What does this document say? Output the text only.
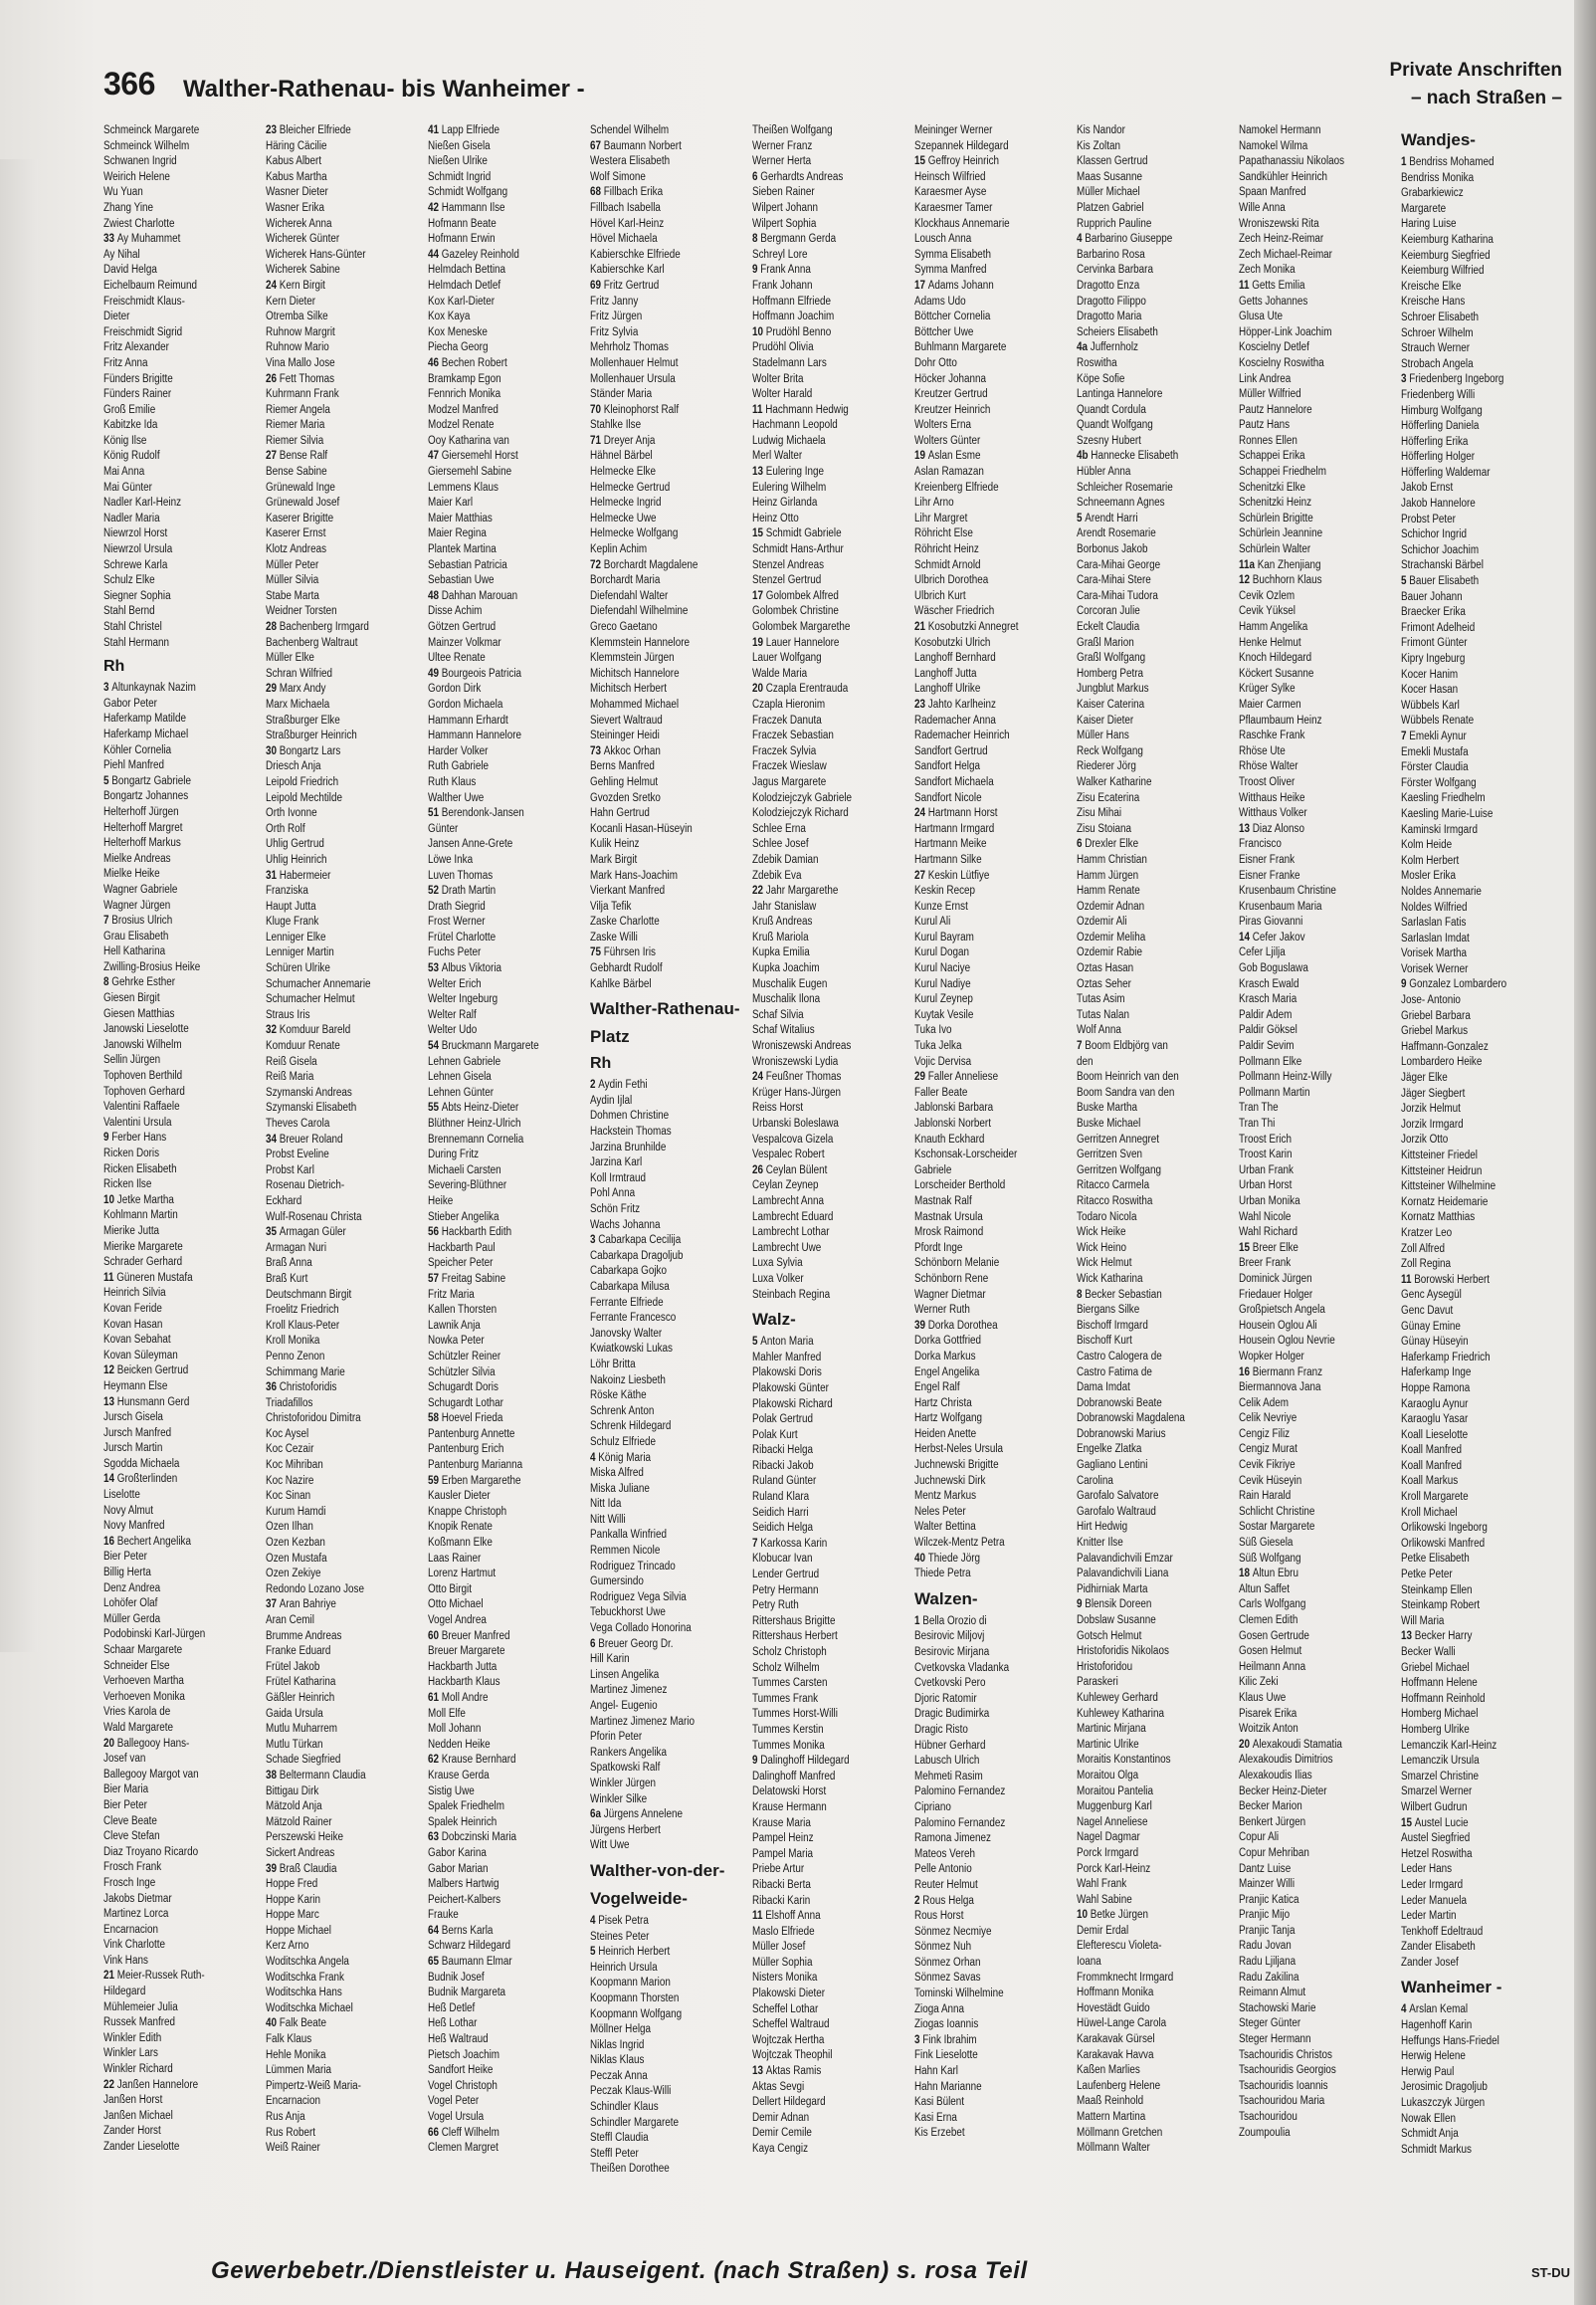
366 Walther-Rathenau- bis Wanheimer -
Private Anschriften
– nach Straßen –
Schmeinck Margarete
Schmeinck Wilhelm
Schwanen Ingrid
Weirich Helene
Wu Yuan
Zhang Yine
Zwiest Charlotte
33 Ay Muhammet
Ay Nihal
David Helga
Eichelbaum Reimund
Freischmidt Klaus-
Dieter
Freischmidt Sigrid
Fritz Alexander
Fritz Anna
Fünders Brigitte
Fünders Rainer
Groß Emilie
Kabitzke Ida
König Ilse
König Rudolf
Mai Anna
Mai Günter
Nadler Karl-Heinz
Nadler Maria
Niewrzol Horst
Niewrzol Ursula
Schrewe Karla
Schulz Elke
Siegner Sophia
Stahl Bernd
Stahl Christel
Stahl Hermann
Rh
3 Altunkaynak Nazim
Gabor Peter
Haferkamp Matilde
Haferkamp Michael
Köhler Cornelia
Piehl Manfred
5 Bongartz Gabriele
Bongartz Johannes
Helterhoff Jürgen
Helterhoff Margret
Helterhoff Markus
Mielke Andreas
Mielke Heike
Wagner Gabriele
Wagner Jürgen
7 Brosius Ulrich
Grau Elisabeth
Hell Katharina
Zwilling-Brosius Heike
8 Gehrke Esther
Giesen Birgit
Giesen Matthias
Janowski Lieselotte
Janowski Wilhelm
Sellin Jürgen
Tophoven Berthild
Tophoven Gerhard
Valentini Raffaele
Valentini Ursula
9 Ferber Hans
Ricken Doris
Ricken Elisabeth
Ricken Ilse
10 Jetke Martha
Kohlmann Martin
Mierike Jutta
Mierike Margarete
Schrader Gerhard
11 Güneren Mustafa
Heinrich Silvia
Kovan Feride
Kovan Hasan
Kovan Sebahat
Kovan Süleyman
12 Beicken Gertrud
Heymann Else
13 Hunsmann Gerd
Jursch Gisela
Jursch Manfred
Jursch Martin
Sgodda Michaela
14 Großterlinden
Liselotte
Novy Almut
Novy Manfred
16 Bechert Angelika
Bier Peter
Billig Herta
Denz Andrea
Lohöfer Olaf
Müller Gerda
Podobinski Karl-Jürgen
Schaar Margarete
Schneider Else
Verhoeven Martha
Verhoeven Monika
Vries Karola de
Wald Margarete
20 Ballegooy Hans-
Josef van
Ballegooy Margot van
Bier Maria
Bier Peter
Cleve Beate
Cleve Stefan
Diaz Troyano Ricardo
Frosch Frank
Frosch Inge
Jakobs Dietmar
Martinez Lorca
Encarnacion
Vink Charlotte
Vink Hans
21 Meier-Russek Ruth-
Hildegard
Mühlemeier Julia
Russek Manfred
Winkler Edith
Winkler Lars
Winkler Richard
22 Janßen Hannelore
Janßen Horst
Janßen Michael
Zander Horst
Zander Lieselotte
23 Bleicher Elfriede
Häring Cäcilie
Kabus Albert
Kabus Martha
Wasner Dieter
Wasner Erika
Wicherek Anna
Wicherek Günter
Wicherek Hans-Günter
Wicherek Sabine
24 Kern Birgit
Kern Dieter
Otremba Silke
Ruhnow Margrit
Ruhnow Mario
Vina Mallo Jose
26 Fett Thomas
Kuhrmann Frank
Riemer Angela
Riemer Maria
Riemer Silvia
27 Bense Ralf
Bense Sabine
Grünewald Inge
Grünewald Josef
Kaserer Brigitte
Kaserer Ernst
Klotz Andreas
Müller Peter
Müller Silvia
Stabe Marta
Weidner Torsten
28 Bachenberg Irmgard
Bachenberg Waltraut
Müller Elke
Schran Wilfried
29 Marx Andy
Marx Michaela
Straßburger Elke
Straßburger Heinrich
30 Bongartz Lars
Driesch Anja
Leipold Friedrich
Leipold Mechtilde
Orth Ivonne
Orth Rolf
Uhlig Gertrud
Uhlig Heinrich
31 Habermeier
Franziska
Haupt Jutta
Kluge Frank
Lenniger Elke
Lenniger Martin
Schüren Ulrike
Schumacher Annemarie
Schumacher Helmut
Straus Iris
32 Komduur Bareld
Komduur Renate
Reiß Gisela
Reiß Maria
Szymanski Andreas
Szymanski Elisabeth
Theves Carola
34 Breuer Roland
Probst Eveline
Probst Karl
Rosenau Dietrich-
Eckhard
Wulf-Rosenau Christa
35 Armagan Güler
Armagan Nuri
Braß Anna
Braß Kurt
Deutschmann Birgit
Froelitz Friedrich
Kroll Klaus-Peter
Kroll Monika
Penno Zenon
Schimmang Marie
36 Christoforidis
Triadafillos
Christoforidou Dimitra
Koc Aysel
Koc Cezair
Koc Mihriban
Koc Nazire
Koc Sinan
Kurum Hamdi
Özen Ilhan
Özen Kezban
Özen Mustafa
Özen Zekiye
Redondo Lozano Jose
37 Aran Bahriye
Aran Cemil
Brumme Andreas
Franke Eduard
Frütel Jakob
Frütel Katharina
Gäßler Heinrich
Gaida Ursula
Mutlu Muharrem
Mutlu Türkan
Schade Siegfried
38 Beltermann Claudia
Bittigau Dirk
Mätzold Anja
Mätzold Rainer
Perszewski Heike
Sickert Andreas
39 Braß Claudia
Hoppe Fred
Hoppe Karin
Hoppe Marc
Hoppe Michael
Kerz Arno
Woditschka Angela
Woditschka Frank
Woditschka Hans
Woditschka Michael
40 Falk Beate
Falk Klaus
Hehle Monika
Lümmen Maria
Pimpertz-Weiß Maria-
Encarnacion
Rus Anja
Rus Robert
Weiß Rainer
41 Lapp Elfriede
Nießen Gisela
Nießen Ulrike
Schmidt Ingrid
Schmidt Wolfgang
42 Hammann Ilse
Hofmann Beate
Hofmann Erwin
44 Gazeley Reinhold
Helmdach Bettina
Helmdach Detlef
Kox Karl-Dieter
Kox Kaya
Kox Meneske
Piecha Georg
46 Bechen Robert
Bramkamp Egon
Fennrich Monika
Modzel Manfred
Modzel Renate
Ooy Katharina van
47 Giersemehl Horst
Giersemehl Sabine
Lemmens Klaus
Maier Karl
Maier Matthias
Maier Regina
Plantek Martina
Sebastian Patricia
Sebastian Uwe
48 Dahhan Marouan
Disse Achim
Götzen Gertrud
Mainzer Volkmar
Ultee Renate
49 Bourgeois Patricia
Gordon Dirk
Gordon Michaela
Hammann Erhardt
Hammann Hannelore
Harder Volker
Ruth Gabriele
Ruth Klaus
Walther Uwe
51 Berendonk-Jansen
Günter
Jansen Anne-Grete
Löwe Inka
Luven Thomas
52 Drath Martin
Drath Siegrid
Frost Werner
Frütel Charlotte
Fuchs Peter
53 Albus Viktoria
Welter Erich
Welter Ingeburg
Welter Ralf
Welter Udo
54 Bruckmann Margarete
Lehnen Gabriele
Lehnen Gisela
Lehnen Günter
55 Abts Heinz-Dieter
Blüthner Heinz-Ulrich
Brennemann Cornelia
During Fritz
Michaeli Carsten
Severing-Blüthner
Heike
Stieber Angelika
56 Hackbarth Edith
Hackbarth Paul
Speicher Peter
57 Freitag Sabine
Fritz Maria
Kallen Thorsten
Lawnik Anja
Nowka Peter
Schützler Reiner
Schützler Silvia
Schugardt Doris
Schugardt Lothar
58 Hoevel Frieda
Pantenburg Annette
Pantenburg Erich
Pantenburg Marianna
59 Erben Margarethe
Kausler Dieter
Knappe Christoph
Knopik Renate
Koßmann Elke
Laas Rainer
Lorenz Hartmut
Otto Birgit
Otto Michael
Vogel Andrea
60 Breuer Manfred
Breuer Margarete
Hackbarth Jutta
Hackbarth Klaus
61 Moll Andre
Moll Elfe
Moll Johann
Nedden Heike
62 Krause Bernhard
Krause Gerda
Sistig Uwe
Spalek Friedhelm
Spalek Heinrich
63 Dobczinski Maria
Gabor Karina
Gabor Marian
Malbers Hartwig
Peichert-Kalbers
Frauke
64 Berns Karla
Schwarz Hildegard
65 Baumann Elmar
Budnik Josef
Budnik Margareta
Heß Detlef
Heß Lothar
Heß Waltraud
Pietsch Joachim
Sandfort Heike
Vogel Christoph
Vogel Peter
Vogel Ursula
66 Cleff Wilhelm
Clemen Margret
Schendel Wilhelm
67 Baumann Norbert
Westera Elisabeth
Wolf Simone
68 Fillbach Erika
Fillbach Isabella
Hövel Karl-Heinz
Hövel Michaela
Kabierschke Elfriede
Kabierschke Karl
69 Fritz Gertrud
Fritz Janny
Fritz Jürgen
Fritz Sylvia
Mehrholz Thomas
Mollenhauer Helmut
Mollenhauer Ursula
Ständer Maria
70 Kleinophorst Ralf
Stahlke Ilse
71 Dreyer Anja
Hähnel Bärbel
Helmecke Elke
Helmecke Gertrud
Helmecke Ingrid
Helmecke Uwe
Helmecke Wolfgang
Keplin Achim
72 Borchardt Magdalene
Borchardt Maria
Diefendahl Walter
Diefendahl Wilhelmine
Greco Gaetano
Klemmstein Hannelore
Klemmstein Jürgen
Michitsch Hannelore
Michitsch Herbert
Mohammed Michael
Sievert Waltraud
Steininger Heidi
73 Akkoc Orhan
Berns Manfred
Gehling Helmut
Gvozden Sretko
Hahn Gertrud
Kocanli Hasan-Hüseyin
Kulik Heinz
Mark Birgit
Mark Hans-Joachim
Vierkant Manfred
Vilja Tefik
Zaske Charlotte
Zaske Willi
75 Führsen Iris
Gebhardt Rudolf
Kahlke Bärbel
Walther-Rathenau-
Platz
Rh
2 Aydin Fethi
Aydin Ijlal
Dohmen Christine
Hackstein Thomas
Jarzina Brunhilde
Jarzina Karl
Koll Irmtraud
Pohl Anna
Schön Fritz
Wachs Johanna
3 Cabarkapa Cecilija
Cabarkapa Dragoljub
Cabarkapa Gojko
Cabarkapa Milusa
Ferrante Elfriede
Ferrante Francesco
Janovsky Walter
Kwiatkowski Lukas
Löhr Britta
Nakoinz Liesbeth
Röske Käthe
Schrenk Anton
Schrenk Hildegard
Schulz Elfriede
4 König Maria
Miska Alfred
Miska Juliane
Nitt Ida
Nitt Willi
Pankalla Winfried
Remmen Nicole
Rodriguez Trincado
Gumersindo
Rodriguez Vega Silvia
Tebuckhorst Uwe
Vega Collado Honorina
6 Breuer Georg Dr.
Hill Karin
Linsen Angelika
Martinez Jimenez
Angel- Eugenio
Martinez Jimenez Mario
Pforin Peter
Rankers Angelika
Spatkowski Ralf
Winkler Jürgen
Winkler Silke
6a Jürgens Annelene
Jürgens Herbert
Witt Uwe
Walther-von-der-
Vogelweide-
4 Pisek Petra
Steines Peter
5 Heinrich Herbert
Heinrich Ursula
Koopmann Marion
Koopmann Thorsten
Koopmann Wolfgang
Möllner Helga
Niklas Ingrid
Niklas Klaus
Peczak Anna
Peczak Klaus-Willi
Schindler Klaus
Schindler Margarete
Steffl Claudia
Steffl Peter
Theißen Dorothee
Theißen Wolfgang
Werner Franz
Werner Herta
6 Gerhardts Andreas
Sieben Rainer
Wilpert Johann
Wilpert Sophia
8 Bergmann Gerda
Schreyl Lore
9 Frank Anna
Frank Johann
Hoffmann Elfriede
Hoffmann Joachim
10 Prudöhl Benno
Prudöhl Olivia
Stadelmann Lars
Wolter Brita
Wolter Harald
11 Hachmann Hedwig
Hachmann Leopold
Ludwig Michaela
Merl Walter
13 Eulering Inge
Eulering Wilhelm
Heinz Girlanda
Heinz Otto
15 Schmidt Gabriele
Schmidt Hans-Arthur
Stenzel Andreas
Stenzel Gertrud
17 Golombek Alfred
Golombek Christine
Golombek Margarethe
19 Lauer Hannelore
Lauer Wolfgang
Walde Maria
20 Czapla Erentrauda
Czapla Hieronim
Fraczek Danuta
Fraczek Sebastian
Fraczek Sylvia
Fraczek Wieslaw
Jagus Margarete
Kolodziejczyk Gabriele
Kolodziejczyk Richard
Schlee Erna
Schlee Josef
Zdebik Damian
Zdebik Eva
22 Jahr Margarethe
Jahr Stanislaw
Kruß Andreas
Kruß Mariola
Kupka Emilia
Kupka Joachim
Muschalik Eugen
Muschalik Ilona
Schaf Silvia
Schaf Witalius
Wroniszewski Andreas
Wroniszewski Lydia
24 Feußner Thomas
Krüger Hans-Jürgen
Reiss Horst
Urbanski Boleslawa
Vespalcova Gizela
Vespalec Robert
26 Ceylan Bülent
Ceylan Zeynep
Lambrecht Anna
Lambrecht Eduard
Lambrecht Lothar
Lambrecht Uwe
Luxa Sylvia
Luxa Volker
Steinbach Regina
Walz-
5 Anton Maria
Mahler Manfred
Plakowski Doris
Plakowski Günter
Plakowski Richard
Polak Gertrud
Polak Kurt
Ribacki Helga
Ribacki Jakob
Ruland Günter
Ruland Klara
Seidich Harri
Seidich Helga
7 Karkossa Karin
Klobucar Ivan
Lender Gertrud
Petry Hermann
Petry Ruth
Rittershaus Brigitte
Rittershaus Herbert
Scholz Christoph
Scholz Wilhelm
Tummes Carsten
Tummes Frank
Tummes Horst-Willi
Tummes Kerstin
Tummes Monika
9 Dalinghoff Hildegard
Dalinghoff Manfred
Delatowski Horst
Krause Hermann
Krause Maria
Pampel Heinz
Pampel Maria
Priebe Artur
Ribacki Berta
Ribacki Karin
11 Elshoff Anna
Maslo Elfriede
Müller Josef
Müller Sophia
Nisters Monika
Plakowski Dieter
Scheffel Lothar
Scheffel Waltraud
Wojtczak Hertha
Wojtczak Theophil
13 Aktas Ramis
Aktas Sevgi
Dellert Hildegard
Demir Adnan
Demir Cemile
Kaya Cengiz
Meininger Werner
Szepannek Hildegard
15 Geffroy Heinrich
Heinsch Wilfried
Karaesmer Ayse
Karaesmer Tamer
Klockhaus Annemarie
Lousch Anna
Symma Elisabeth
Symma Manfred
17 Adams Johann
Adams Udo
Böttcher Cornelia
Böttcher Uwe
Buhlmann Margarete
Dohr Otto
Höcker Johanna
Kreutzer Gertrud
Kreutzer Heinrich
Wolters Erna
Wolters Günter
19 Aslan Esme
Aslan Ramazan
Kreienberg Elfriede
Lihr Arno
Lihr Margret
Röhricht Else
Röhricht Heinz
Schmidt Arnold
Ulbrich Dorothea
Ulbrich Kurt
Wäscher Friedrich
21 Kosobutzki Annegret
Kosobutzki Ulrich
Langhoff Bernhard
Langhoff Jutta
Langhoff Ulrike
23 Jahto Karlheinz
Rademacher Anna
Rademacher Heinrich
Sandfort Gertrud
Sandfort Helga
Sandfort Michaela
Sandfort Nicole
24 Hartmann Horst
Hartmann Irmgard
Hartmann Meike
Hartmann Silke
27 Keskin Lütfiye
Keskin Recep
Kunze Ernst
Kurul Ali
Kurul Bayram
Kurul Dogan
Kurul Naciye
Kurul Nadiye
Kurul Zeynep
Kuytak Vesile
Tuka Ivo
Tuka Jelka
Vojic Dervisa
29 Faller Anneliese
Faller Beate
Jablonski Barbara
Jablonski Norbert
Knauth Eckhard
Kschonsak-Lorscheider
Gabriele
Lorscheider Berthold
Mastnak Ralf
Mastnak Ursula
Mrosk Raimond
Pfordt Inge
Schönborn Melanie
Schönborn Rene
Wagner Dietmar
Werner Ruth
39 Dorka Dorothea
Dorka Gottfried
Dorka Markus
Engel Angelika
Engel Ralf
Hartz Christa
Hartz Wolfgang
Heiden Anette
Herbst-Neles Ursula
Juchnewski Brigitte
Juchnewski Dirk
Mentz Markus
Neles Peter
Walter Bettina
Wilczek-Mentz Petra
40 Thiede Jörg
Thiede Petra
Walzen-
1 Bella Orozio di
Besirovic Miljovj
Besirovic Mirjana
Cvetkovska Vladanka
Cvetkovski Pero
Djoric Ratomir
Dragic Budimirka
Dragic Risto
Hübner Gerhard
Labusch Ulrich
Mehmeti Rasim
Palomino Fernandez
Cipriano
Palomino Fernandez
Ramona Jimenez
Mateos Vereh
Pelle Antonio
Reuter Helmut
2 Rous Helga
Rous Horst
Sönmez Necmiye
Sönmez Nuh
Sönmez Orhan
Sönmez Savas
Tominski Wilhelmine
Zioga Anna
Ziogas Ioannis
3 Fink Ibrahim
Fink Lieselotte
Hahn Karl
Hahn Marianne
Kasi Bülent
Kasi Erna
Kis Erzebet
Kis Nandor
Kis Zoltan
Klassen Gertrud
Maas Susanne
Müller Michael
Platzen Gabriel
Rupprich Pauline
4 Barbarino Giuseppe
Barbarino Rosa
Cervinka Barbara
Dragotto Enza
Dragotto Filippo
Dragotto Maria
Scheiers Elisabeth
4a Juffernholz
Roswitha
Köpe Sofie
Lantinga Hannelore
Quandt Cordula
Quandt Wolfgang
Szesny Hubert
4b Hannecke Elisabeth
Hübler Anna
Schleicher Rosemarie
Schneemann Agnes
5 Arendt Harri
Arendt Rosemarie
Borbonus Jakob
Cara-Mihai George
Cara-Mihai Stere
Cara-Mihai Tudora
Corcoran Julie
Eckelt Claudia
Graßl Marion
Graßl Wolfgang
Homberg Petra
Jungblut Markus
Kaiser Caterina
Kaiser Dieter
Müller Hans
Reck Wolfgang
Riederer Jörg
Walker Katharine
Zisu Ecaterina
Zisu Mihai
Zisu Stoiana
6 Drexler Elke
Hamm Christian
Hamm Jürgen
Hamm Renate
Özdemir Adnan
Özdemir Ali
Özdemir Meliha
Özdemir Rabie
Öztas Hasan
Öztas Seher
Tutas Asim
Tutas Nalan
Wolf Anna
7 Boom Eldbjörg van
den
Boom Heinrich van den
Boom Sandra van den
Buske Martha
Buske Michael
Gerritzen Annegret
Gerritzen Sven
Gerritzen Wolfgang
Ritacco Carmela
Ritacco Roswitha
Todaro Nicola
Wick Heike
Wick Heino
Wick Helmut
Wick Katharina
8 Becker Sebastian
Biergans Silke
Bischoff Irmgard
Bischoff Kurt
Castro Calogera de
Castro Fatima de
Dama Imdat
Dobranowski Beate
Dobranowski Magdalena
Dobranowski Marius
Engelke Zlatka
Gagliano Lentini
Carolina
Garofalo Salvatore
Garofalo Waltraud
Hirt Hedwig
Knitter Ilse
Palavandichvili Emzar
Palavandichvili Liana
Pidhirniak Marta
9 Blensik Doreen
Dobslaw Susanne
Gotsch Helmut
Hristoforidis Nikolaos
Hristoforidou
Paraskeri
Kuhlewey Gerhard
Kuhlewey Katharina
Martinic Mirjana
Martinic Ulrike
Moraitis Konstantinos
Moraitou Olga
Moraitou Pantelia
Muggenburg Karl
Nagel Anneliese
Nagel Dagmar
Porck Irmgard
Porck Karl-Heinz
Wahl Frank
Wahl Sabine
10 Betke Jürgen
Demir Erdal
Elefterescu Violeta-
Ioana
Frommknecht Irmgard
Hoffmann Monika
Hovestädt Guido
Hüwel-Lange Carola
Karakavak Gürsel
Karakavak Havva
Kaßen Marlies
Laufenberg Helene
Maaß Reinhold
Mattern Martina
Möllmann Gretchen
Möllmann Walter
Namokel Hermann
Namokel Wilma
Papathanassiu Nikolaos
Sandkühler Heinrich
Spaan Manfred
Wille Anna
Wroniszewski Rita
Zech Heinz-Reimar
Zech Michael-Reimar
Zech Monika
11 Getts Emilia
Getts Johannes
Glusa Ute
Höpper-Link Joachim
Koscielny Detlef
Koscielny Roswitha
Link Andrea
Müller Wilfried
Pautz Hannelore
Pautz Hans
Ronnes Ellen
Schappei Erika
Schappei Friedhelm
Schenitzki Elke
Schenitzki Heinz
Schürlein Brigitte
Schürlein Jeannine
Schürlein Walter
11a Kan Zhenjiang
12 Buchhorn Klaus
Cevik Özlem
Cevik Yüksel
Hamm Angelika
Henke Helmut
Knoch Hildegard
Köckert Susanne
Krüger Sylke
Maier Carmen
Pflaumbaum Heinz
Raschke Frank
Rhöse Ute
Rhöse Walter
Troost Oliver
Witthaus Heike
Witthaus Volker
13 Diaz Alonso
Francisco
Eisner Frank
Eisner Franke
Krusenbaum Christine
Krusenbaum Maria
Piras Giovanni
14 Cefer Jakov
Cefer Ljilja
Gob Boguslawa
Krasch Ewald
Krasch Maria
Paldir Adem
Paldir Göksel
Paldir Sevim
Pollmann Elke
Pollmann Heinz-Willy
Pollmann Martin
Tran The
Tran Thi
Troost Erich
Troost Karin
Urban Frank
Urban Horst
Urban Monika
Wahl Nicole
Wahl Richard
15 Breer Elke
Breer Frank
Dominick Jürgen
Friedauer Holger
Großpietsch Angela
Housein Oglou Ali
Housein Oglou Nevrie
Wopker Holger
16 Biermann Franz
Biermannova Jana
Celik Adem
Celik Nevriye
Cengiz Filiz
Cengiz Murat
Cevik Fikriye
Cevik Hüseyin
Rain Harald
Schlicht Christine
Sostar Margarete
Süß Giesela
Süß Wolfgang
18 Altun Ebru
Altun Saffet
Carls Wolfgang
Clemen Edith
Gosen Gertrude
Gosen Helmut
Heilmann Anna
Kilic Zeki
Klaus Uwe
Pisarek Erika
Woitzik Anton
20 Alexakoudi Stamatia
Alexakoudis Dimitrios
Alexakoudis Ilias
Becker Heinz-Dieter
Becker Marion
Benkert Jürgen
Copur Ali
Copur Mehriban
Dantz Luise
Mainzer Willi
Pranjic Katica
Pranjic Mijo
Pranjic Tanja
Radu Jovan
Radu Ljiljana
Radu Zakilina
Reimann Almut
Stachowski Marie
Steger Günter
Steger Hermann
Tsachouridis Christos
Tsachouridis Georgios
Tsachouridis Ioannis
Tsachouridou Maria
Tsachouridou
Zoumpoulia
Wandjes-
1 Bendriss Mohamed
Bendriss Monika
Grabarkiewicz
Margarete
Haring Luise
Keiemburg Katharina
Keiemburg Siegfried
Keiemburg Wilfried
Kreische Elke
Kreische Hans
Schroer Elisabeth
Schroer Wilhelm
Strauch Werner
Strobach Angela
3 Friedenberg Ingeborg
Friedenberg Willi
Himburg Wolfgang
Höfferling Daniela
Höfferling Erika
Höfferling Holger
Höfferling Waldemar
Jakob Ernst
Jakob Hannelore
Probst Peter
Schichor Ingrid
Schichor Joachim
Strachanski Bärbel
5 Bauer Elisabeth
Bauer Johann
Braecker Erika
Frimont Adelheid
Frimont Günter
Kipry Ingeburg
Kocer Hanim
Kocer Hasan
Wübbels Karl
Wübbels Renate
7 Emekli Aynur
Emekli Mustafa
Förster Claudia
Förster Wolfgang
Kaesling Friedhelm
Kaesling Marie-Luise
Kaminski Irmgard
Kolm Heide
Kolm Herbert
Mosler Erika
Noldes Annemarie
Noldes Wilfried
Sarlaslan Fatis
Sarlaslan Imdat
Vorisek Martha
Vorisek Werner
9 Gonzalez Lombardero
Jose- Antonio
Griebel Barbara
Griebel Markus
Haffmann-Gonzalez
Lombardero Heike
Jäger Elke
Jäger Siegbert
Jorzik Helmut
Jorzik Irmgard
Jorzik Otto
Kittsteiner Friedel
Kittsteiner Heidrun
Kittsteiner Wilhelmine
Kornatz Heidemarie
Kornatz Matthias
Kratzer Leo
Zoll Alfred
Zoll Regina
11 Borowski Herbert
Genc Aysegül
Genc Davut
Günay Emine
Günay Hüseyin
Haferkamp Friedrich
Haferkamp Inge
Hoppe Ramona
Karaoglu Aynur
Karaoglu Yasar
Koall Lieselotte
Koall Manfred
Koall Manfred
Koall Markus
Kroll Margarete
Kroll Michael
Orlikowski Ingeborg
Orlikowski Manfred
Petke Elisabeth
Petke Peter
Steinkamp Ellen
Steinkamp Robert
Will Maria
13 Becker Harry
Becker Walli
Griebel Michael
Hoffmann Helene
Hoffmann Reinhold
Homberg Michael
Homberg Ulrike
Lemanczik Karl-Heinz
Lemanczik Ursula
Smarzel Christine
Smarzel Werner
Wilbert Gudrun
15 Austel Lucie
Austel Siegfried
Hetzel Roswitha
Leder Hans
Leder Irmgard
Leder Manuela
Leder Martin
Tenkhoff Edeltraud
Zander Elisabeth
Zander Josef
Wanheimer -
4 Arslan Kemal
Hagenhoff Karin
Heffungs Hans-Friedel
Herwig Helene
Herwig Paul
Jerosimic Dragoljub
Lukaszczyk Jürgen
Nowak Ellen
Schmidt Anja
Schmidt Markus
Gewerbebetr./Dienstleister u. Hauseigent. (nach Straßen) s. rosa Teil	ST-DU
